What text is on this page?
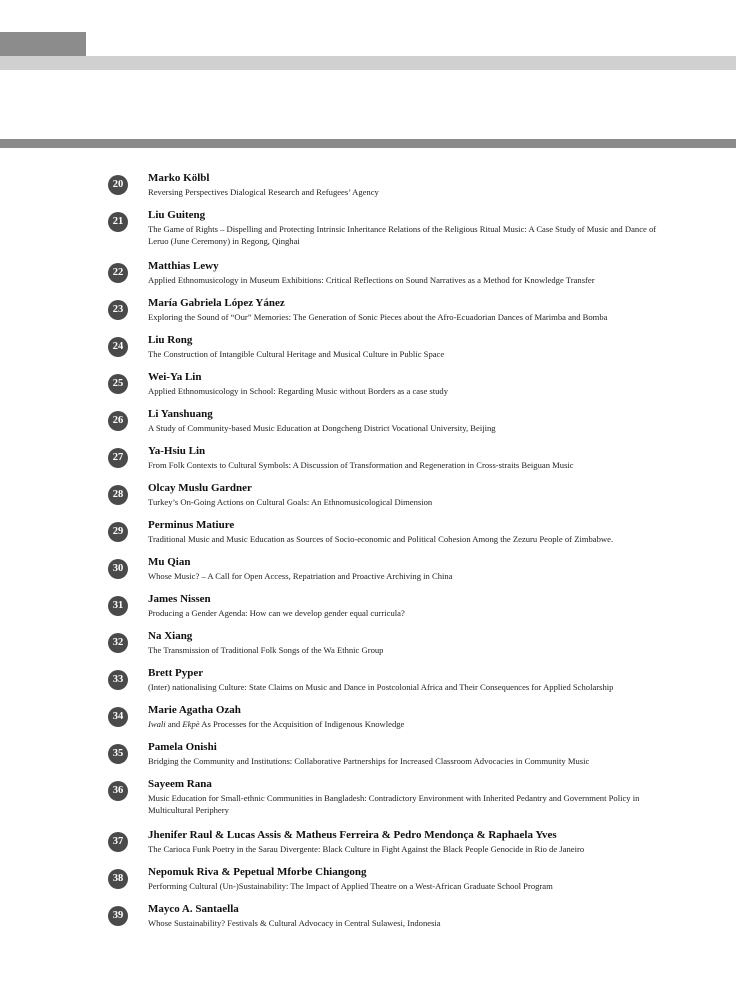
20
Marko Kölbl
Reversing Perspectives Dialogical Research and Refugees’ Agency
21
Liu Guiteng
The Game of Rights – Dispelling and Protecting Intrinsic Inheritance Relations of the Religious Ritual Music: A Case Study of Music and Dance of Leruo (June Ceremony) in Regong, Qinghai
22
Matthias Lewy
Applied Ethnomusicology in Museum Exhibitions: Critical Reflections on Sound Narratives as a Method for Knowledge Transfer
23
María Gabriela López Yánez
Exploring the Sound of “Our” Memories: The Generation of Sonic Pieces about the Afro-Ecuadorian Dances of Marimba and Bomba
24
Liu Rong
The Construction of Intangible Cultural Heritage and Musical Culture in Public Space
25
Wei-Ya Lin
Applied Ethnomusicology in School: Regarding Music without Borders as a case study
26
Li Yanshuang
A Study of Community-based Music Education at Dongcheng District Vocational University, Beijing
27
Ya-Hsiu Lin
From Folk Contexts to Cultural Symbols: A Discussion of Transformation and Regeneration in Cross-straits Beiguan Music
28
Olcay Muslu Gardner
Turkey’s On-Going Actions on Cultural Goals: An Ethnomusicological Dimension
29
Perminus Matiure
Traditional Music and Music Education as Sources of Socio-economic and Political Cohesion Among the Zezuru People of Zimbabwe.
30
Mu Qian
Whose Music? – A Call for Open Access, Repatriation and Proactive Archiving in China
31
James Nissen
Producing a Gender Agenda: How can we develop gender equal curricula?
32
Na Xiang
The Transmission of Traditional Folk Songs of the Wa Ethnic Group
33
Brett Pyper
(Inter) nationalising Culture: State Claims on Music and Dance in Postcolonial Africa and Their Consequences for Applied Scholarship
34
Marie Agatha Ozah
Iwali and Ekpè As Processes for the Acquisition of Indigenous Knowledge
35
Pamela Onishi
Bridging the Community and Institutions: Collaborative Partnerships for Increased Classroom Advocacies in Community Music
36
Sayeem Rana
Music Education for Small-ethnic Communities in Bangladesh: Contradictory Environment with Inherited Pedantry and Government Policy in Multicultural Periphery
37
Jhenifer Raul & Lucas Assis & Matheus Ferreira & Pedro Mendonça & Raphaela Yves
The Carioca Funk Poetry in the Sarau Divergente: Black Culture in Fight Against the Black People Genocide in Rio de Janeiro
38
Nepomuk Riva & Pepetual Mforbe Chiangong
Performing Cultural (Un-)Sustainability: The Impact of Applied Theatre on a West-African Graduate School Program
39
Mayco A. Santaella
Whose Sustainability? Festivals & Cultural Advocacy in Central Sulawesi, Indonesia
